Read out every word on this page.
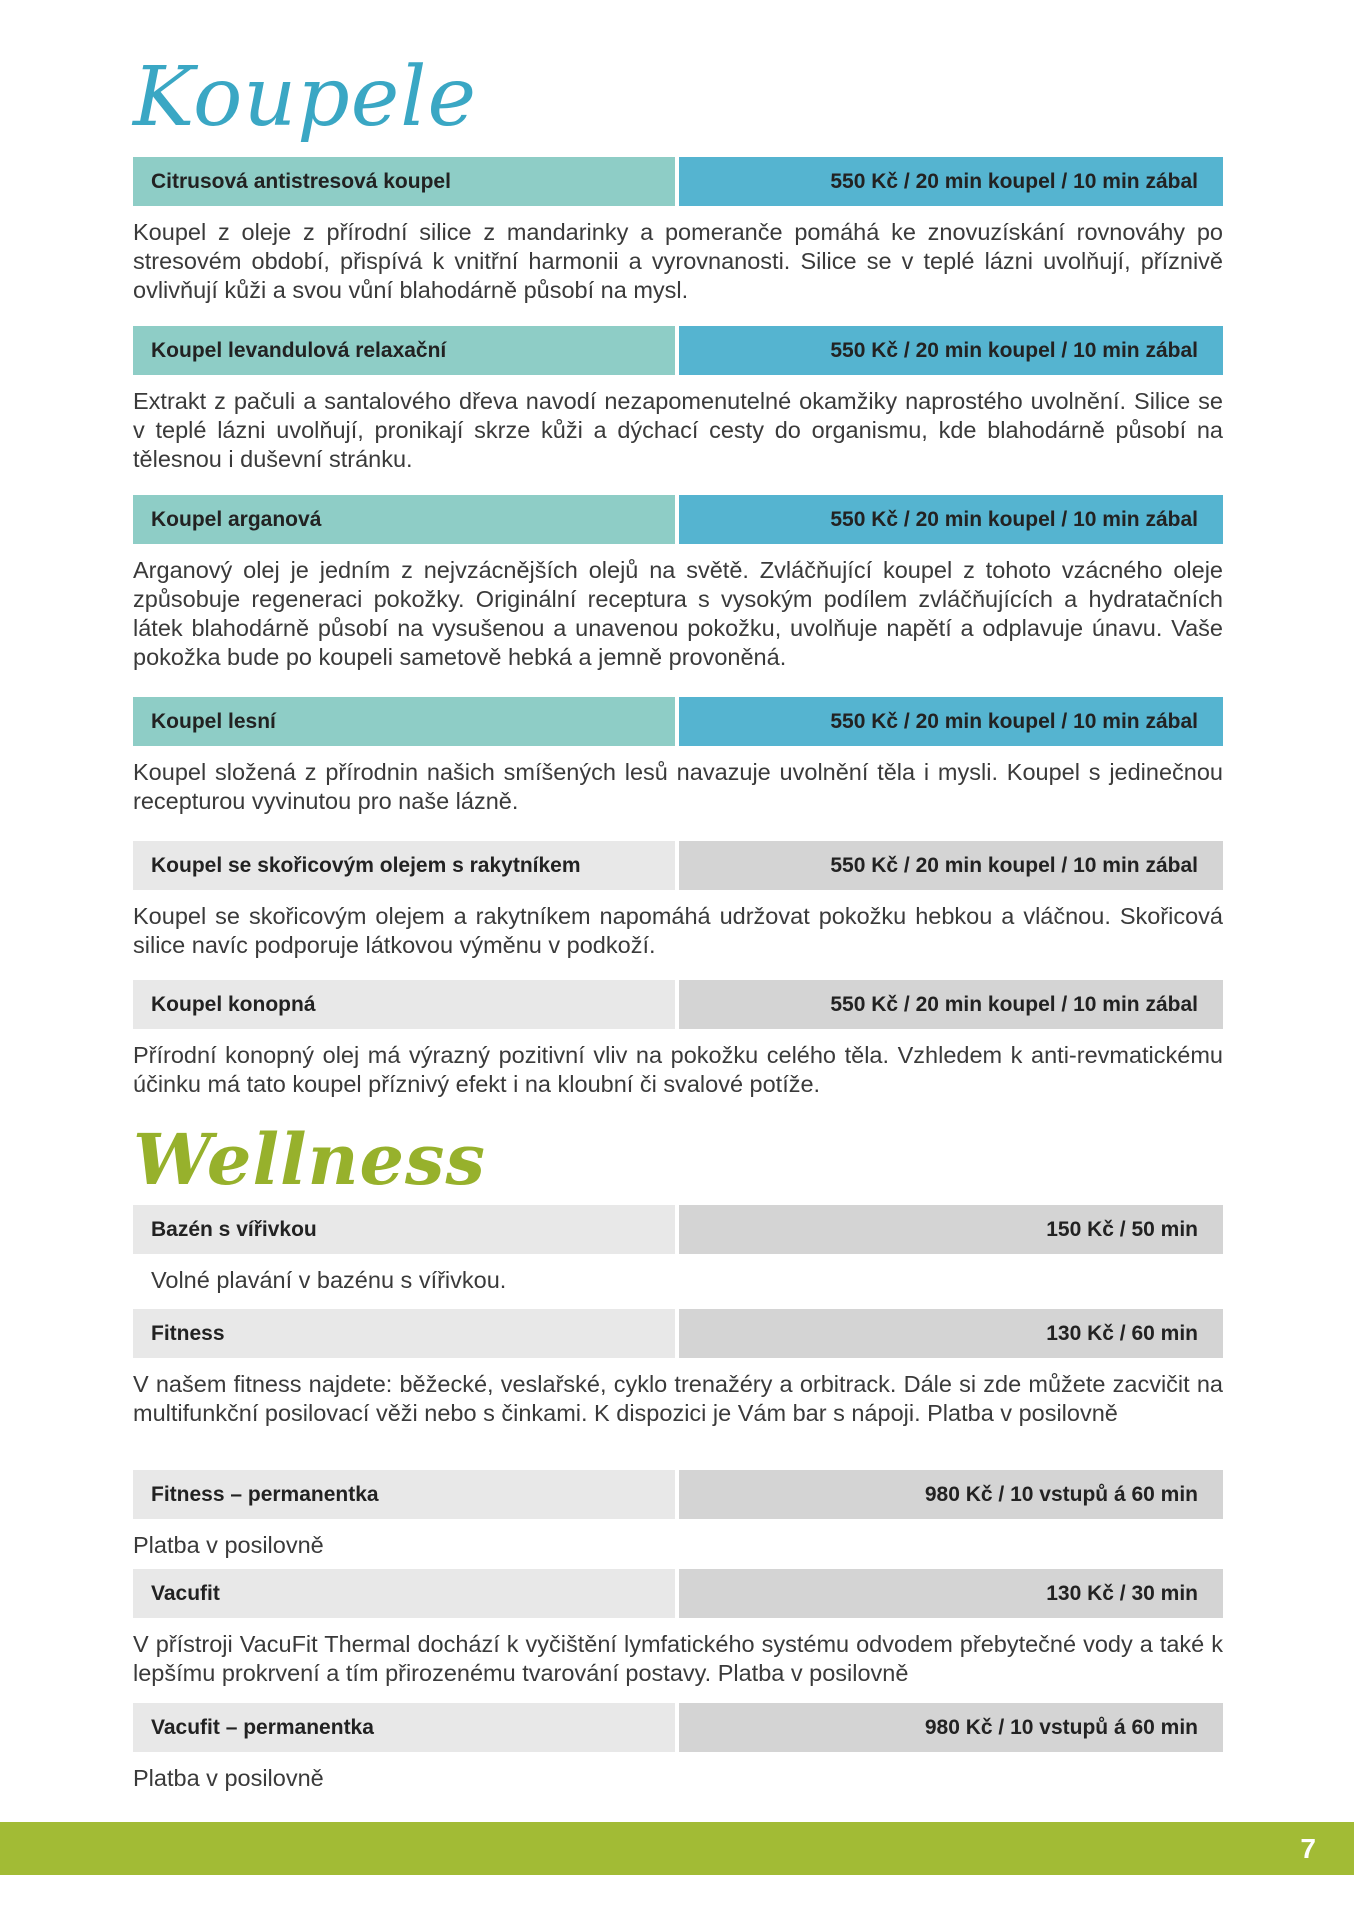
Koupele
Citrusová antistresová koupel	550 Kč / 20 min koupel / 10 min zábal
Koupel z oleje z přírodní silice z mandarinky a pomeranče pomáhá ke znovuzískání rovnováhy po stresovém období, přispívá k vnitřní harmonii a vyrovnanosti. Silice se v teplé lázni uvolňují, příznivě ovlivňují kůži a svou vůní blahodárně působí na mysl.
Koupel levandulová relaxační	550 Kč / 20 min koupel / 10 min zábal
Extrakt z pačuli a santalového dřeva navodí nezapomenutelné okamžiky naprostého uvolnění. Silice se v teplé lázni uvolňují, pronikají skrze kůži a dýchací cesty do organismu, kde blahodárně působí na tělesnou i duševní stránku.
Koupel arganová	550 Kč / 20 min koupel / 10 min zábal
Arganový olej je jedním z nejvzácnějších olejů na světě. Zvláčňující koupel z tohoto vzácného oleje způsobuje regeneraci pokožky. Originální receptura s vysokým podílem zvláčňujících a hydratačních látek blahodárně působí na vysušenou a unavenou pokožku, uvolňuje napětí a odplavuje únavu. Vaše pokožka bude po koupeli sametově hebká a jemně provoněná.
Koupel lesní	550 Kč / 20 min koupel / 10 min zábal
Koupel složená z přírodnin našich smíšených lesů navazuje uvolnění těla i mysli. Koupel s jedinečnou recepturou vyvinutou pro naše lázně.
Koupel se skořicovým olejem s rakytníkem	550 Kč / 20 min koupel / 10 min zábal
Koupel se skořicovým olejem a rakytníkem napomáhá udržovat pokožku hebkou a vláčnou. Skořicová silice navíc podporuje látkovou výměnu v podkoží.
Koupel konopná	550 Kč / 20 min koupel / 10 min zábal
Přírodní konopný olej má výrazný pozitivní vliv na pokožku celého těla. Vzhledem k anti-revmatickému účinku má tato koupel příznivý efekt i na kloubní či svalové potíže.
Wellness
Bazén s vířivkou	150 Kč / 50 min
Volné plavání v bazénu s vířivkou.
Fitness	130 Kč / 60 min
V našem fitness najdete: běžecké, veslařské, cyklo trenažéry a orbitrack. Dále si zde můžete zacvičit na multifunkční posilovací věži nebo s činkami. K dispozici je Vám bar s nápoji. Platba v posilovně
Fitness – permanentka	980 Kč / 10 vstupů á 60 min
Platba v posilovně
Vacufit	130 Kč / 30 min
V přístroji VacuFit Thermal dochází k vyčištění lymfatického systému odvodem přebytečné vody a také k lepšímu prokrvení a tím přirozenému tvarování postavy. Platba v posilovně
Vacufit – permanentka	980 Kč / 10 vstupů á 60 min
Platba v posilovně
7
